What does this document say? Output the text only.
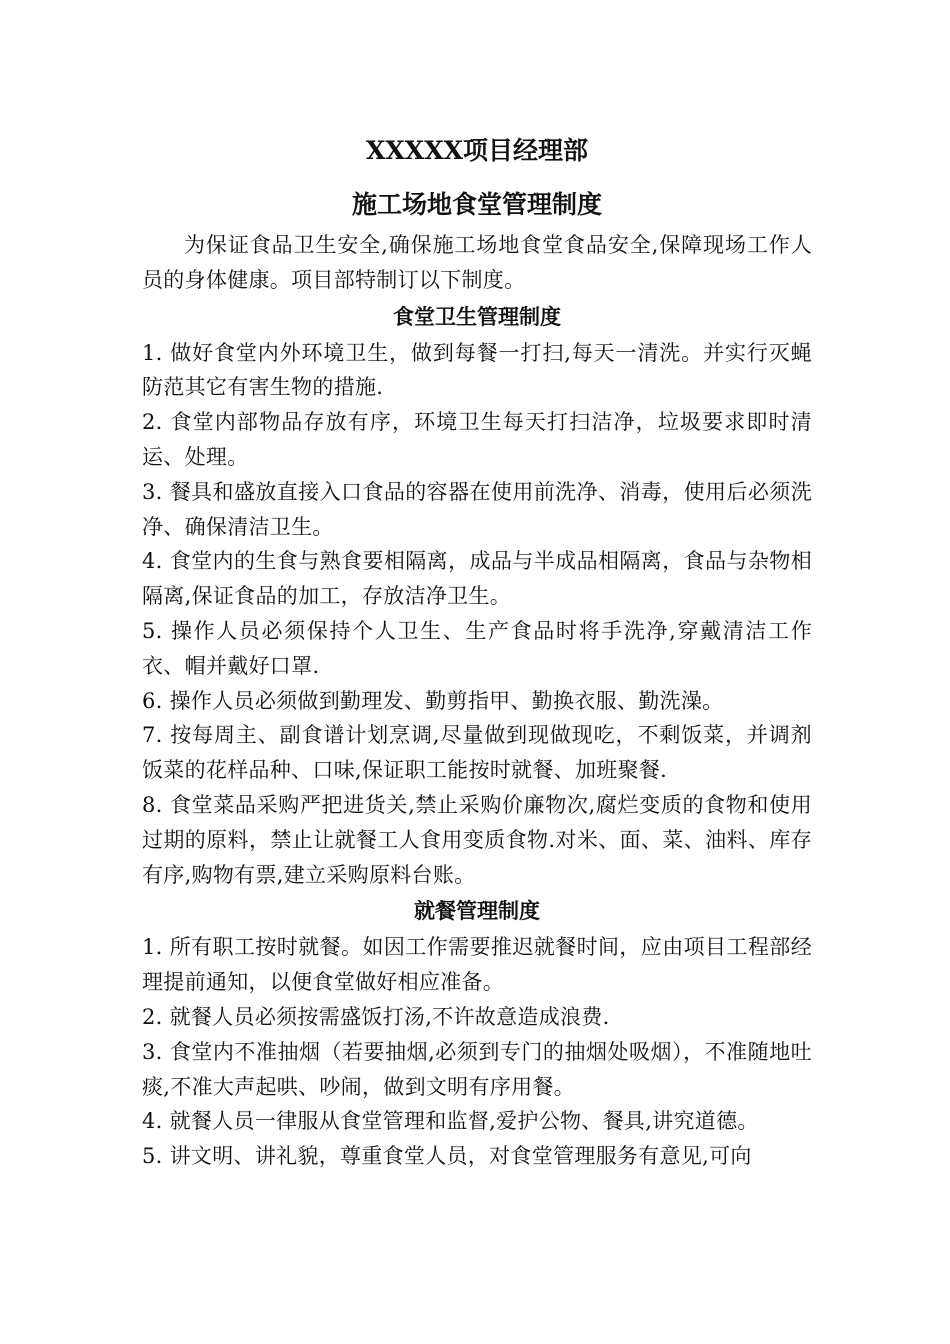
XXXXX项目经理部
施工场地食堂管理制度

为保证食品卫生安全,确保施工场地食堂食品安全,保障现场工作人员的身体健康。项目部特制订以下制度。

食堂卫生管理制度

1. 做好食堂内外环境卫生，做到每餐一打扫,每天一清洗。并实行灭蝇防范其它有害生物的措施.

2. 食堂内部物品存放有序，环境卫生每天打扫洁净，垃圾要求即时清运、处理。

3. 餐具和盛放直接入口食品的容器在使用前洗净、消毒，使用后必须洗净、确保清洁卫生。

4. 食堂内的生食与熟食要相隔离，成品与半成品相隔离，食品与杂物相隔离,保证食品的加工，存放洁净卫生。

5. 操作人员必须保持个人卫生、生产食品时将手洗净,穿戴清洁工作衣、帽并戴好口罩.

6. 操作人员必须做到勤理发、勤剪指甲、勤换衣服、勤洗澡。

7. 按每周主、副食谱计划烹调,尽量做到现做现吃，不剩饭菜，并调剂饭菜的花样品种、口味,保证职工能按时就餐、加班聚餐.

8. 食堂菜品采购严把进货关,禁止采购价廉物次,腐烂变质的食物和使用过期的原料，禁止让就餐工人食用变质食物.对米、面、菜、油料、库存有序,购物有票,建立采购原料台账。

就餐管理制度

1. 所有职工按时就餐。如因工作需要推迟就餐时间，应由项目工程部经理提前通知，以便食堂做好相应准备。

2. 就餐人员必须按需盛饭打汤,不许故意造成浪费.

3. 食堂内不准抽烟（若要抽烟,必须到专门的抽烟处吸烟），不准随地吐痰,不准大声起哄、吵闹，做到文明有序用餐。

4. 就餐人员一律服从食堂管理和监督,爱护公物、餐具,讲究道德。

5. 讲文明、讲礼貌，尊重食堂人员，对食堂管理服务有意见,可向
